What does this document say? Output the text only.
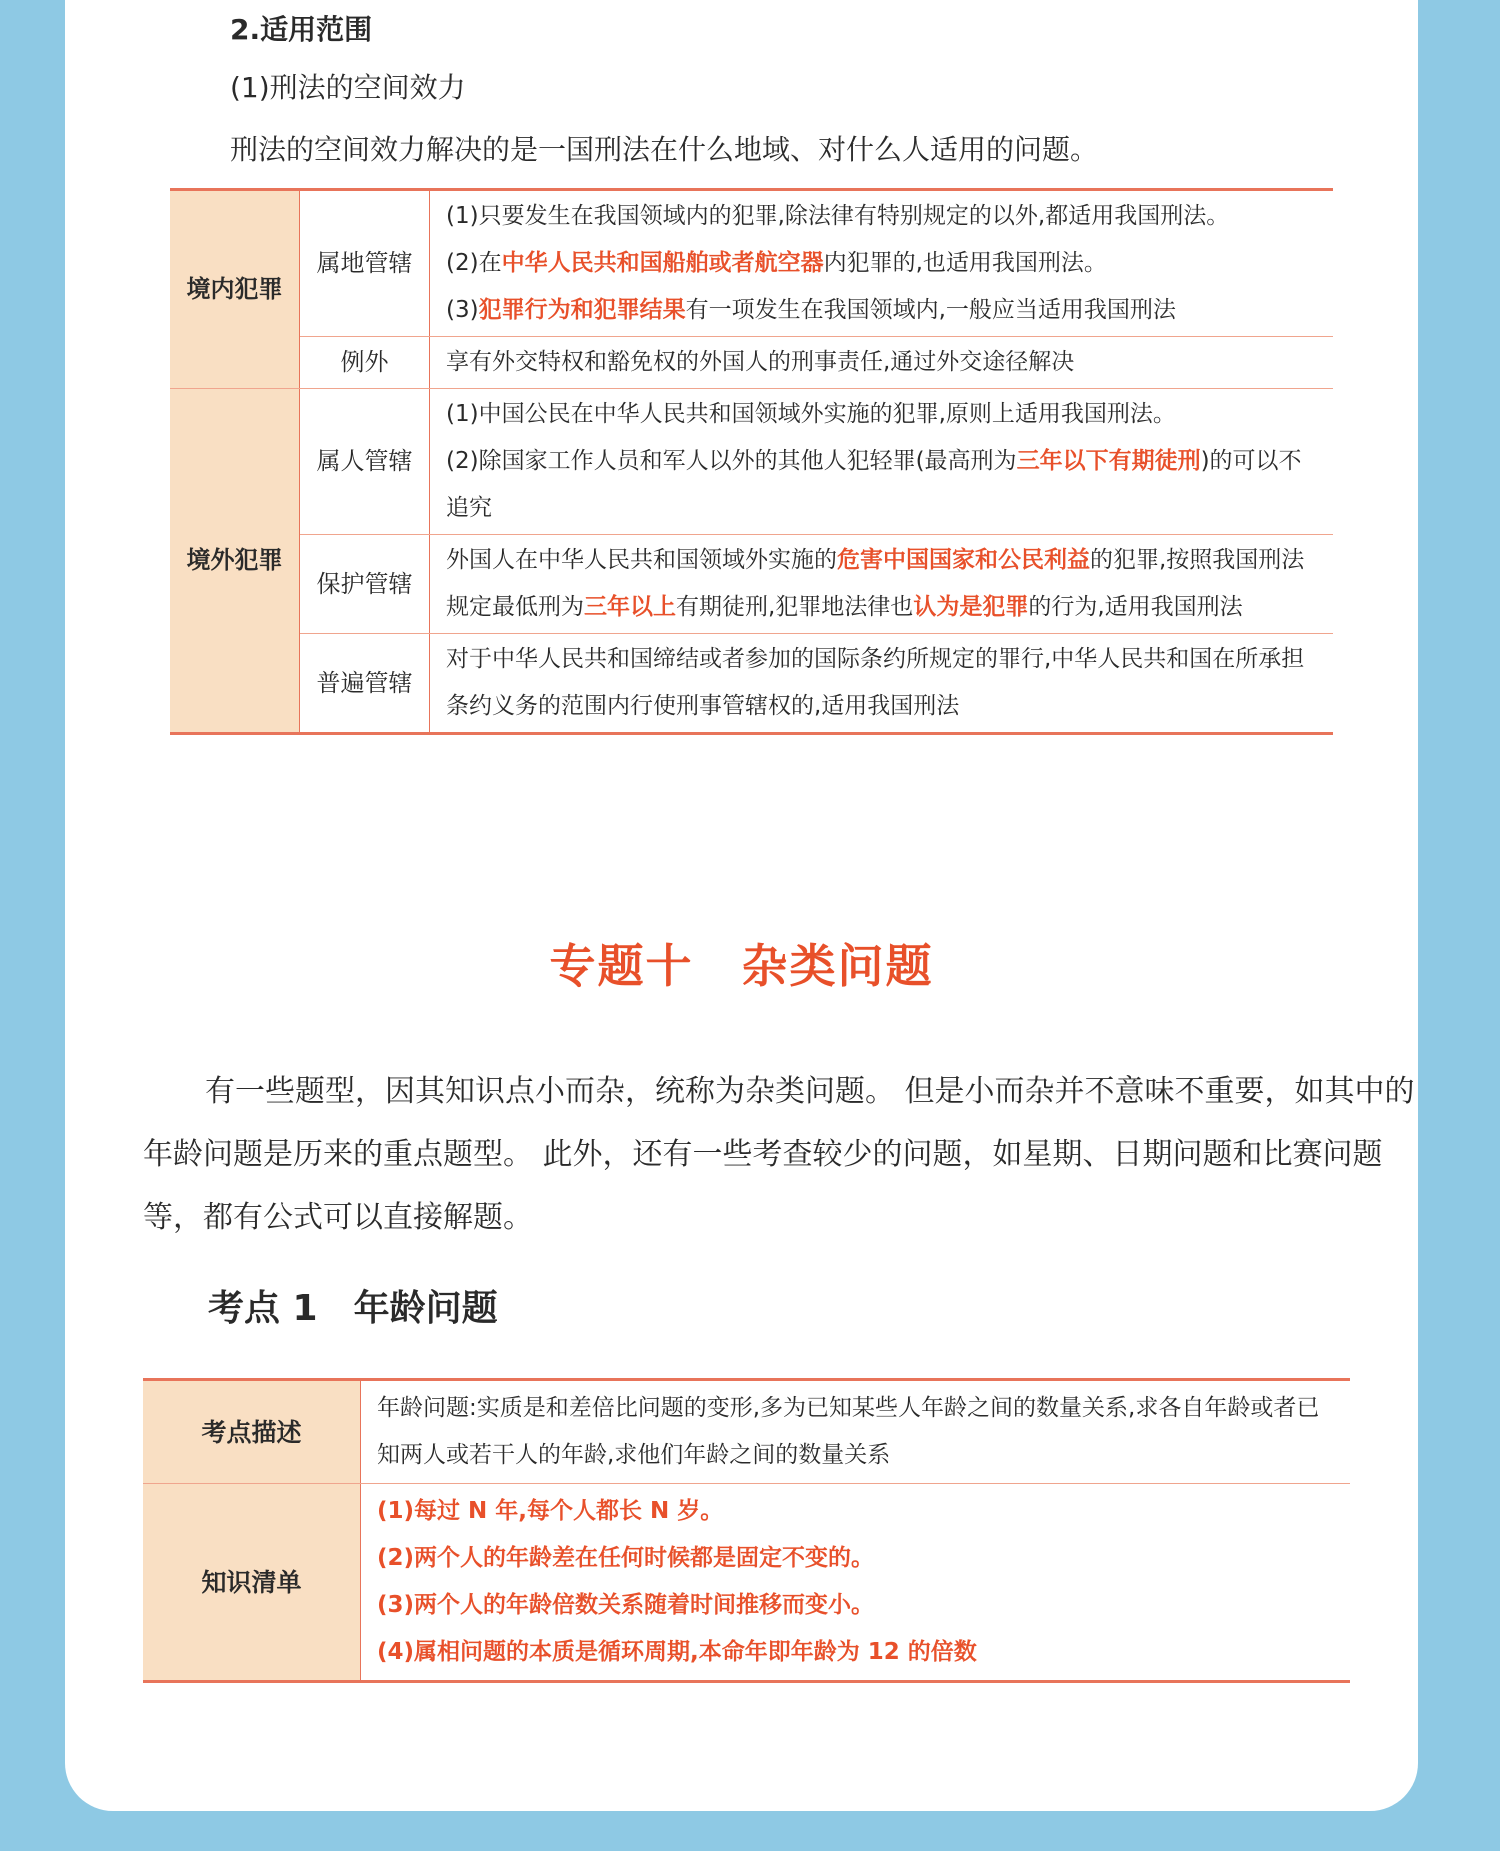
2.适用范围
(1)刑法的空间效力
刑法的空间效力解决的是一国刑法在什么地域、对什么人适用的问题。
境内犯罪	属地管辖	(1)只要发生在我国领域内的犯罪,除法律有特别规定的以外,都适用我国刑法。
(2)在中华人民共和国船舶或者航空器内犯罪的,也适用我国刑法。
(3)犯罪行为和犯罪结果有一项发生在我国领域内,一般应当适用我国刑法

	例外	享有外交特权和豁免权的外国人的刑事责任,通过外交途径解决
境外犯罪	属人管辖	(1)中国公民在中华人民共和国领域外实施的犯罪,原则上适用我国刑法。
(2)除国家工作人员和军人以外的其他人犯轻罪(最高刑为三年以下有期徒刑)的可以不追究

	保护管辖	外国人在中华人民共和国领域外实施的危害中国国家和公民利益的犯罪,按照我国刑法规定最低刑为三年以上有期徒刑,犯罪地法律也认为是犯罪的行为,适用我国刑法
	普遍管辖	对于中华人民共和国缔结或者参加的国际条约所规定的罪行,中华人民共和国在所承担条约义务的范围内行使刑事管辖权的,适用我国刑法
专题十　杂类问题
有一些题型，因其知识点小而杂，统称为杂类问题。 但是小而杂并不意味不重要，如其中的年龄问题是历来的重点题型。 此外，还有一些考查较少的问题，如星期、日期问题和比赛问题等，都有公式可以直接解题。
考点 1　年龄问题
考点描述	年龄问题:实质是和差倍比问题的变形,多为已知某些人年龄之间的数量关系,求各自年龄或者已知两人或若干人的年龄,求他们年龄之间的数量关系
知识清单	(1)每过 N 年,每个人都长 N 岁。
(2)两个人的年龄差在任何时候都是固定不变的。
(3)两个人的年龄倍数关系随着时间推移而变小。
(4)属相问题的本质是循环周期,本命年即年龄为 12 的倍数
